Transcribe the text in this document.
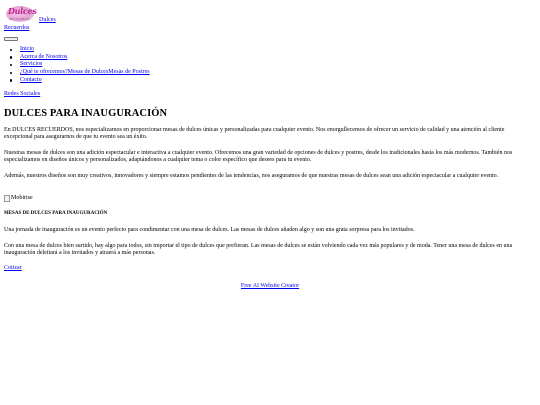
Dulces
RECUERDOS Dulces
Recuerdos
Inicio
Acerca de Nosotros
Servicios
¿Qué te ofrecemos?Mesas de DulcesMesas de Postres
Contacto
Redes Sociales
DULCES PARA INAUGURACIÓN

En DULCES RECUERDOS, nos especializamos en proporcionar mesas de dulces únicas y personalizadas para cualquier evento. Nos enorgullecemos de ofrecer un servicio de calidad y una atención al cliente excepcional para asegurarnos de que tu evento sea un éxito.

Nuestras mesas de dulces son una adición espectacular e interactiva a cualquier evento. Ofrecemos una gran variedad de opciones de dulces y postres, desde los tradicionales hasta los más modernos. También nos especializamos en diseños únicos y personalizados, adaptándonos a cualquier tema o color específico que desees para tu evento.

Además, nuestros diseños son muy creativos, innovadores y siempre estamos pendientes de las tendencias, nos aseguramos de que nuestras mesas de dulces sean una adición espectacular a cualquier evento.

Mobirise
MESAS DE DULCES PARA INAUGURACIÓN

Una jornada de inauguración es un evento perfecto para condimentar con una mesa de dulces. Las mesas de dulces añaden algo y son una grata sorpresa para los invitados.

Con una mesa de dulces bien surtido, hay algo para todos, sin importar el tipo de dulces que prefieran. Las mesas de dulces se están volviendo cada vez más populares y de moda. Tener una mesa de dulces en una inauguración deleitará a los invitados y atraerá a más personas.

Cotizar
Free AI Website Creator
